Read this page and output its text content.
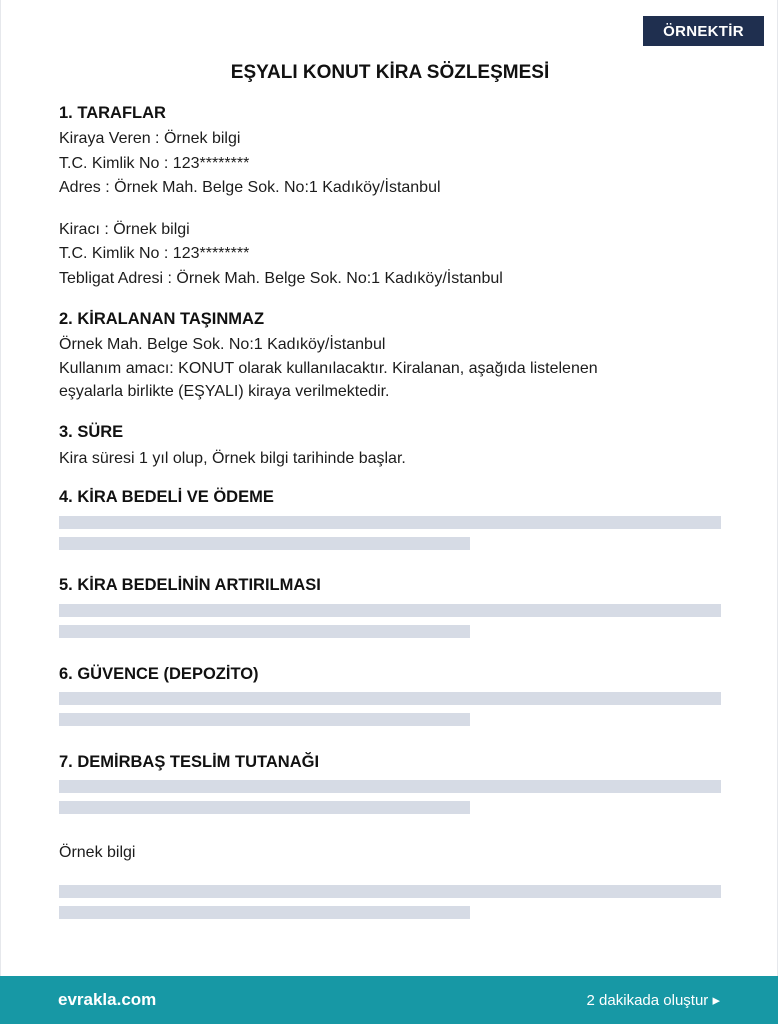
ÖRNEKTİR
EŞYALI KONUT KİRA SÖZLEŞMESİ
1. TARAFLAR
Kiraya Veren : Örnek bilgi
T.C. Kimlik No : 123********
Adres : Örnek Mah. Belge Sok. No:1 Kadıköy/İstanbul
Kiracı : Örnek bilgi
T.C. Kimlik No : 123********
Tebligat Adresi : Örnek Mah. Belge Sok. No:1 Kadıköy/İstanbul
2. KİRALANAN TAŞINMAZ
Örnek Mah. Belge Sok. No:1 Kadıköy/İstanbul
Kullanım amacı: KONUT olarak kullanılacaktır. Kiralanan, aşağıda listelenen
eşyalarla birlikte (EŞYALI) kiraya verilmektedir.
3. SÜRE
Kira süresi 1 yıl olup, Örnek bilgi tarihinde başlar.
4. KİRA BEDELİ VE ÖDEME
5. KİRA BEDELİNİN ARTIRILMASI
6. GÜVENCE (DEPOZİTO)
7. DEMİRBAŞ TESLİM TUTANAĞI
Örnek bilgi
evrakla.com	2 dakikada oluştur ▸
